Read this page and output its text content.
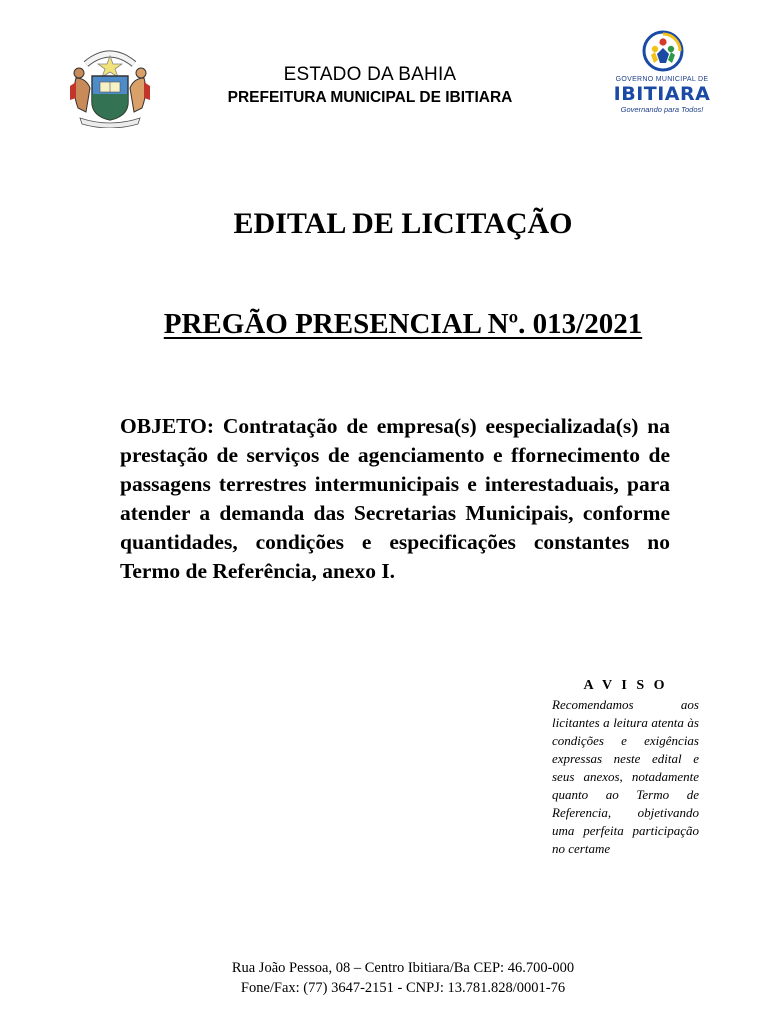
ESTADO DA BAHIA
PREFEITURA MUNICIPAL DE IBITIARA
GOVERNO MUNICIPAL DE
IBITIARA
Governando para Todos!
EDITAL DE LICITAÇÃO
PREGÃO PRESENCIAL Nº. 013/2021
OBJETO: Contratação de empresa(s) eespecializada(s) na prestação de serviços de agenciamento e ffornecimento de passagens terrestres intermunicipais e interestaduais, para atender a demanda das Secretarias Municipais, conforme quantidades, condições e especificações constantes no Termo de Referência, anexo I.
A V I S O
Recomendamos aos licitantes a leitura atenta às condições e exigências expressas neste edital e seus anexos, notadamente quanto ao Termo de Referencia, objetivando uma perfeita participação no certame
Rua João Pessoa, 08 – Centro Ibitiara/Ba CEP: 46.700-000
Fone/Fax: (77) 3647-2151 - CNPJ: 13.781.828/0001-76
